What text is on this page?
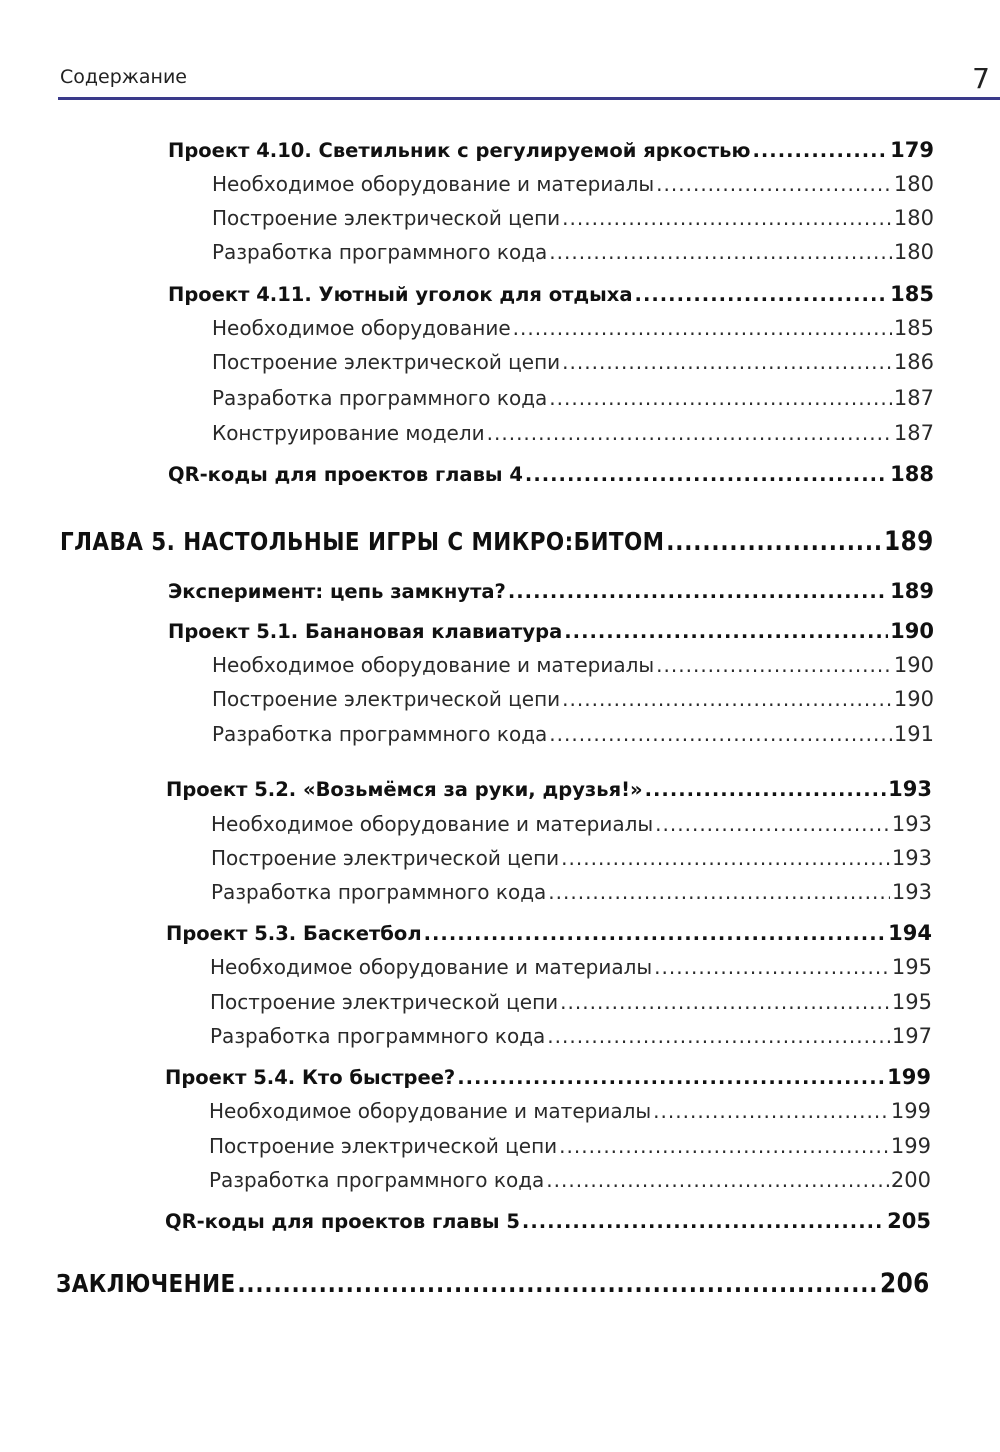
Содержание	7
Проект 4.10. Светильник с регулируемой яркостью .....	179
Необходимое оборудование и материалы .....	180
Построение электрической цепи .....	180
Разработка программного кода .....	180
Проект 4.11. Уютный уголок для отдыха .....	185
Необходимое оборудование .....	185
Построение электрической цепи .....	186
Разработка программного кода .....	187
Конструирование модели .....	187
QR-коды для проектов главы 4 .....	188
ГЛАВА 5. НАСТОЛЬНЫЕ ИГРЫ С МИКРО:БИТОМ .....	189
Эксперимент: цепь замкнута? .....	189
Проект 5.1. Банановая клавиатура .....	190
Необходимое оборудование и материалы .....	190
Построение электрической цепи .....	190
Разработка программного кода .....	191
Проект 5.2. «Возьмёмся за руки, друзья!» .....	193
Необходимое оборудование и материалы .....	193
Построение электрической цепи .....	193
Разработка программного кода .....	193
Проект 5.3. Баскетбол .....	194
Необходимое оборудование и материалы .....	195
Построение электрической цепи .....	195
Разработка программного кода .....	197
Проект 5.4. Кто быстрее? .....	199
Необходимое оборудование и материалы .....	199
Построение электрической цепи .....	199
Разработка программного кода .....	200
QR-коды для проектов главы 5 .....	205
ЗАКЛЮЧЕНИЕ .....	206
